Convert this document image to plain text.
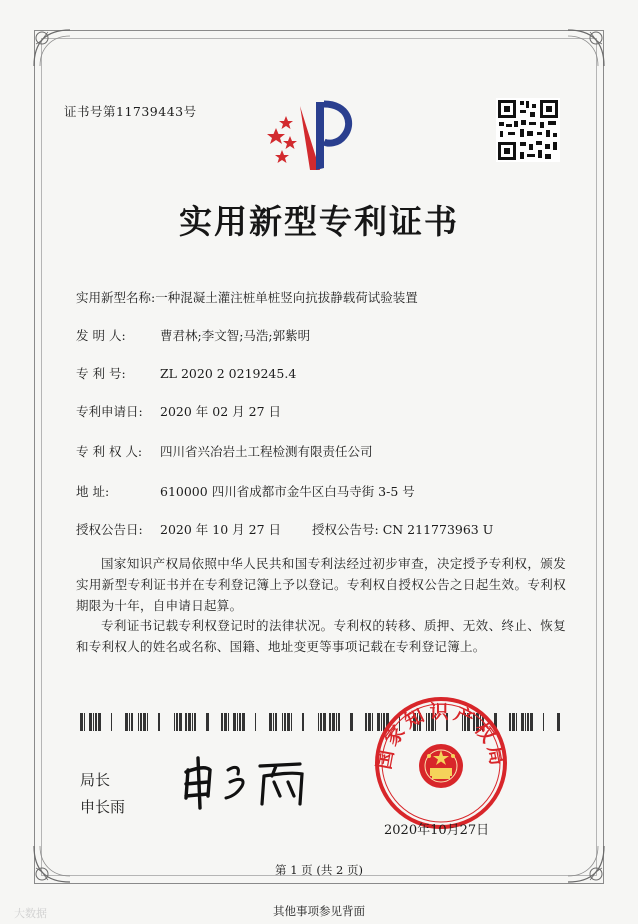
证书号第11739443号
实用新型专利证书
实用新型名称:一种混凝土灌注桩单桩竖向抗拔静载荷试验装置
发 明 人:	曹君林;李文智;马浩;郭紫明
专 利 号:	ZL 2020 2 0219245.4
专利申请日: 2020 年 02 月 27 日
专 利 权 人: 四川省兴冶岩土工程检测有限责任公司
地 址:	610000 四川省成都市金牛区白马寺街 3-5 号
授权公告日: 2020 年 10 月 27 日 授权公告号: CN 211773963 U
国家知识产权局依照中华人民共和国专利法经过初步审查，决定授予专利权，颁发实用新型专利证书并在专利登记簿上予以登记。专利权自授权公告之日起生效。专利权期限为十年，自申请日起算。
专利证书记载专利权登记时的法律状况。专利权的转移、质押、无效、终止、恢复和专利权人的姓名或名称、国籍、地址变更等事项记载在专利登记簿上。
局长
申长雨
国家知识产权局
2020年10月27日
第 1 页 (共 2 页)
其他事项参见背面
大数据
